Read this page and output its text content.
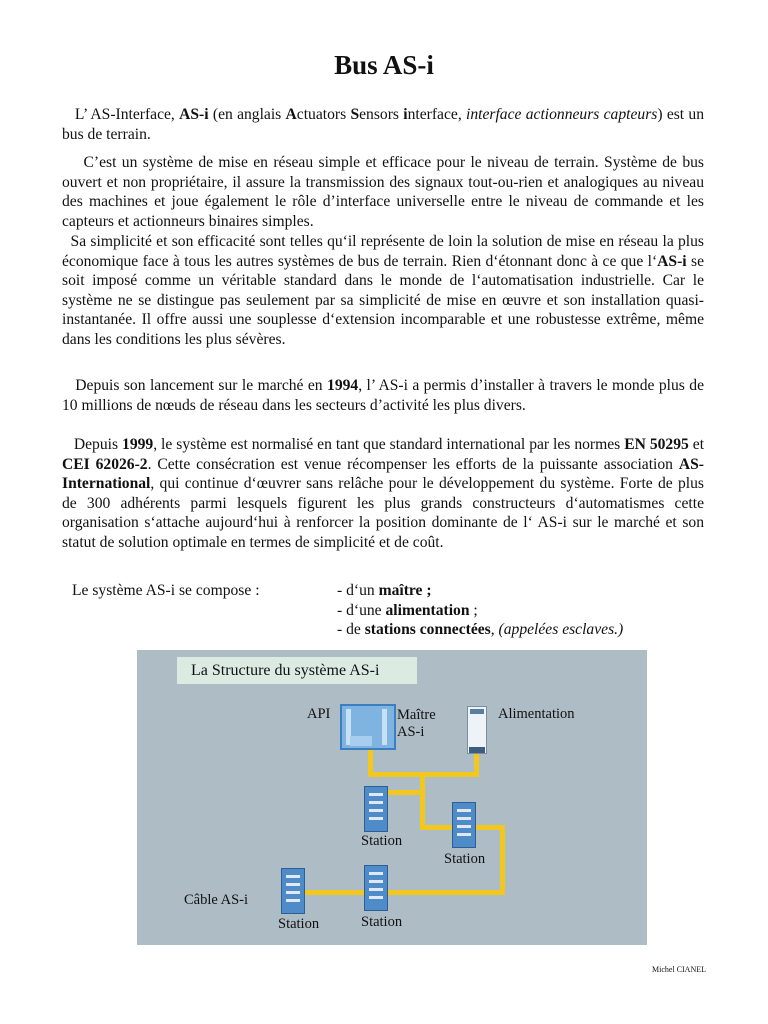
Bus AS-i

L’ AS-Interface, AS-i (en anglais Actuators Sensors interface, interface actionneurs capteurs) est un bus de terrain.

C’est un système de mise en réseau simple et efficace pour le niveau de terrain. Système de bus ouvert et non propriétaire, il assure la transmission des signaux tout-ou-rien et analogiques au niveau des machines et joue également le rôle d’interface universelle entre le niveau de commande et les capteurs et actionneurs binaires simples.

Sa simplicité et son efficacité sont telles qu‘il représente de loin la solution de mise en réseau la plus économique face à tous les autres systèmes de bus de terrain. Rien d‘étonnant donc à ce que l‘AS-i se soit imposé comme un véritable standard dans le monde de l‘automatisation industrielle. Car le système ne se distingue pas seulement par sa simplicité de mise en œuvre et son installation quasi-instantanée. Il offre aussi une souplesse d‘extension incomparable et une robustesse extrême, même dans les conditions les plus sévères.

Depuis son lancement sur le marché en 1994, l’ AS-i a permis d’installer à travers le monde plus de 10 millions de nœuds de réseau dans les secteurs d’activité les plus divers.

Depuis 1999, le système est normalisé en tant que standard international par les normes EN 50295 et CEI 62026-2. Cette consécration est venue récompenser les efforts de la puissante association AS-International, qui continue d‘œuvrer sans relâche pour le développement du système. Forte de plus de 300 adhérents parmi lesquels figurent les plus grands constructeurs d‘automatismes cette organisation s‘attache aujourd‘hui à renforcer la position dominante de l‘ AS-i sur le marché et son statut de solution optimale en termes de simplicité et de coût.

Le système AS-i se compose :	- d‘un maître ;
- d‘une alimentation ;
- de stations connectées, (appelées esclaves.)
La Structure du système AS-i
API	Maître AS-i
Alimentation
Câble AS-i
Station
Station
Station	Station
Michel CIANEL
